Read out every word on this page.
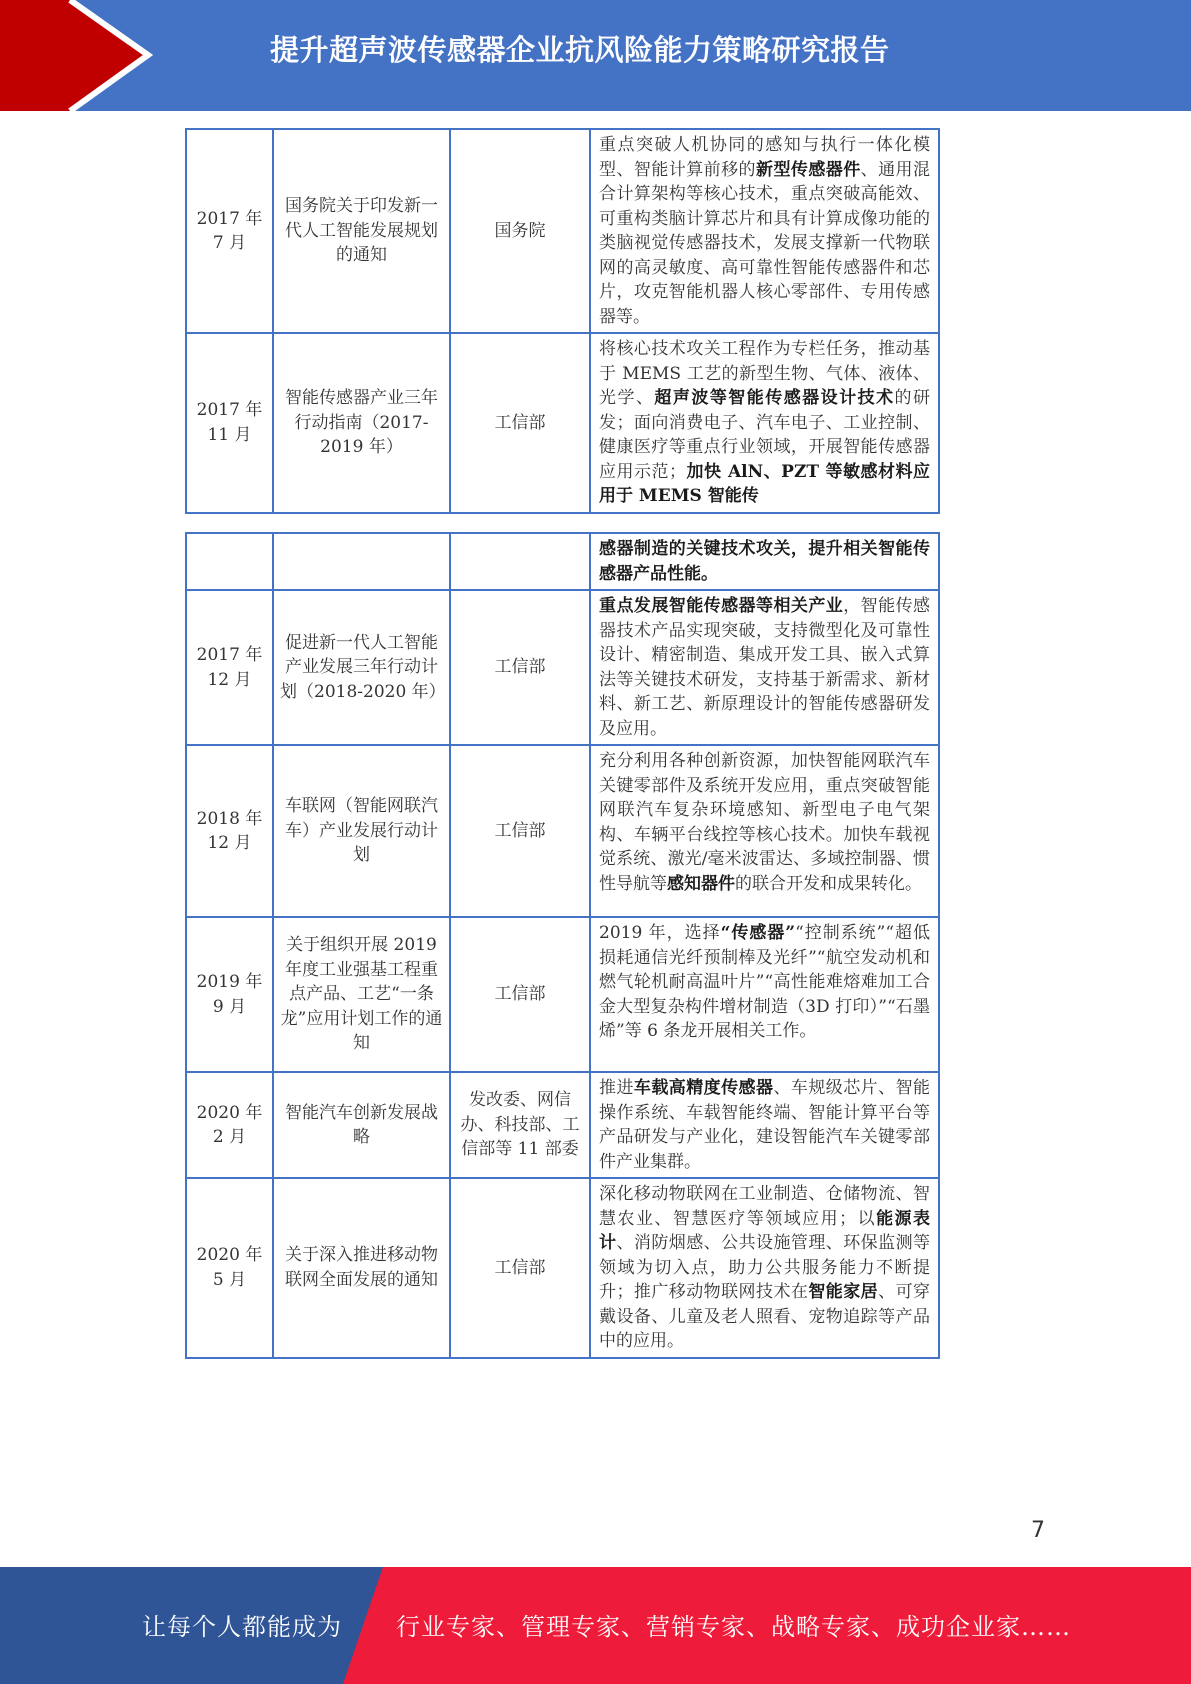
提升超声波传感器企业抗风险能力策略研究报告
2017 年 7 月	国务院关于印发新一代人工智能发展规划的通知	国务院	重点突破人机协同的感知与执行一体化模型、智能计算前移的新型传感器件、通用混合计算架构等核心技术，重点突破高能效、可重构类脑计算芯片和具有计算成像功能的类脑视觉传感器技术，发展支撑新一代物联网的高灵敏度、高可靠性智能传感器件和芯片，攻克智能机器人核心零部件、专用传感器等。
2017 年 11 月	智能传感器产业三年行动指南（2017-2019 年）	工信部	将核心技术攻关工程作为专栏任务，推动基于 MEMS 工艺的新型生物、气体、液体、光学、超声波等智能传感器设计技术的研发；面向消费电子、汽车电子、工业控制、健康医疗等重点行业领域，开展智能传感器应用示范；加快 AlN、PZT 等敏感材料应用于 MEMS 智能传
			感器制造的关键技术攻关，提升相关智能传感器产品性能。
2017 年 12 月	促进新一代人工智能产业发展三年行动计划（2018-2020 年）	工信部	重点发展智能传感器等相关产业，智能传感器技术产品实现突破，支持微型化及可靠性设计、精密制造、集成开发工具、嵌入式算法等关键技术研发，支持基于新需求、新材料、新工艺、新原理设计的智能传感器研发及应用。
2018 年 12 月	车联网（智能网联汽车）产业发展行动计划	工信部	充分利用各种创新资源，加快智能网联汽车关键零部件及系统开发应用，重点突破智能网联汽车复杂环境感知、新型电子电气架构、车辆平台线控等核心技术。加快车载视觉系统、激光/毫米波雷达、多域控制器、惯性导航等感知器件的联合开发和成果转化。
2019 年 9 月	关于组织开展 2019 年度工业强基工程重点产品、工艺“一条龙”应用计划工作的通知	工信部	2019 年，选择“传感器”“控制系统”“超低损耗通信光纤预制棒及光纤”“航空发动机和燃气轮机耐高温叶片”“高性能难熔难加工合金大型复杂构件增材制造（3D 打印）”“石墨烯”等 6 条龙开展相关工作。
2020 年 2 月	智能汽车创新发展战略	发改委、网信办、科技部、工信部等 11 部委	推进车载高精度传感器、车规级芯片、智能操作系统、车载智能终端、智能计算平台等产品研发与产业化，建设智能汽车关键零部件产业集群。
2020 年 5 月	关于深入推进移动物联网全面发展的通知	工信部	深化移动物联网在工业制造、仓储物流、智慧农业、智慧医疗等领域应用；以能源表计、消防烟感、公共设施管理、环保监测等领域为切入点，助力公共服务能力不断提升；推广移动物联网技术在智能家居、可穿戴设备、儿童及老人照看、宠物追踪等产品中的应用。
7
让每个人都能成为 行业专家、管理专家、营销专家、战略专家、成功企业家……
